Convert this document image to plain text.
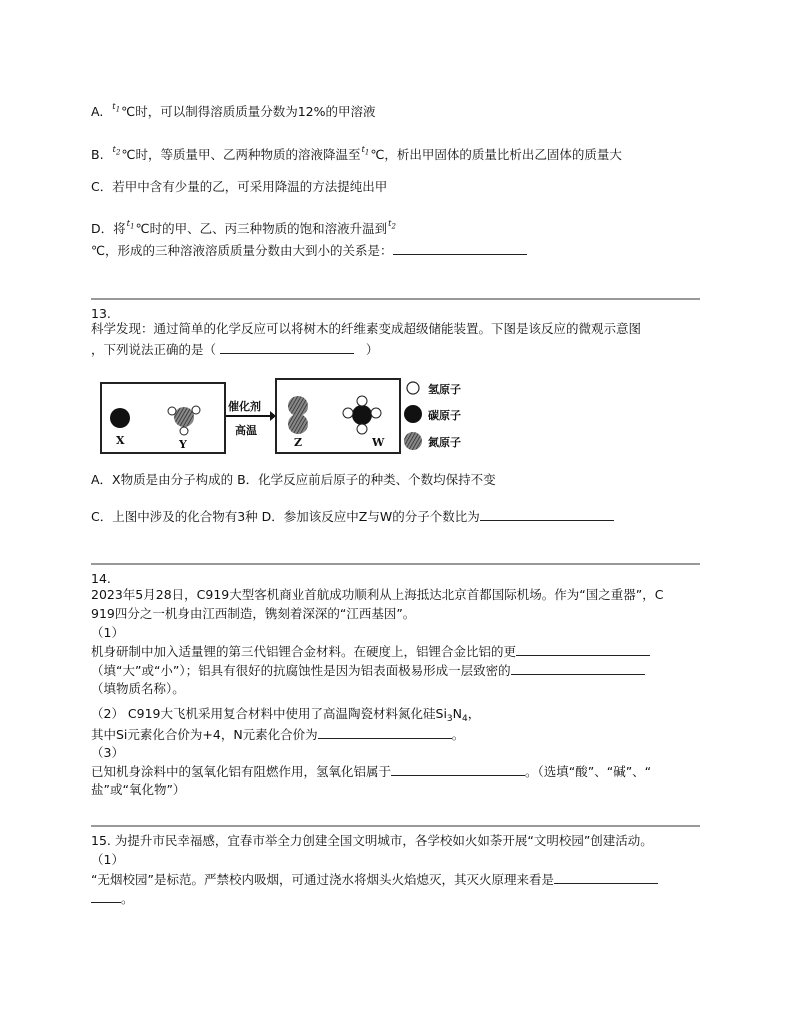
A. $^{t_1}$℃时，可以制得溶质质量分数为12%的甲溶液
B. $^{t_2}$℃时，等质量甲、乙两种物质的溶液降温至$^{t_1}$℃，析出甲固体的质量比析出乙固体的质量大
C．若甲中含有少量的乙，可采用降温的方法提纯出甲
D．将$^{t_1}$℃时的甲、乙、丙三种物质的饱和溶液升温到$^{t_2}$
℃，形成的三种溶液溶质质量分数由大到小的关系是：
13.
科学发现：通过简单的化学反应可以将树木的纤维素变成超级储能装置。下图是该反应的微观示意图
，下列说法正确的是（	）
催化剂
高温
X	Y	Z	W
氢原子
碳原子
氮原子
A．X物质是由分子构成的 B．化学反应前后原子的种类、个数均保持不变
C．上图中涉及的化合物有3种 D．参加该反应中Z与W的分子个数比为
14.
2023年5月28日，C919大型客机商业首航成功顺利从上海抵达北京首都国际机场。作为“国之重器”，C
919四分之一机身由江西制造，镌刻着深深的“江西基因”。
（1）
机身研制中加入适量锂的第三代铝锂合金材料。在硬度上，铝锂合金比铝的更
（填“大”或“小”）；铝具有很好的抗腐蚀性是因为铝表面极易形成一层致密的
（填物质名称）。
（2） C919大飞机采用复合材料中使用了高温陶瓷材料氮化硅$Si_3N_4$，
其中Si元素化合价为+4，N元素化合价为	。
（3）
已知机身涂料中的氢氧化铝有阻燃作用，氢氧化铝属于	。（选填“酸”、“碱”、“
盐”或“氧化物”）
15. 为提升市民幸福感，宜春市举全力创建全国文明城市，各学校如火如荼开展“文明校园”创建活动。
（1）
“无烟校园”是标范。严禁校内吸烟，可通过浇水将烟头火焰熄灭，其灭火原理来看是
。
